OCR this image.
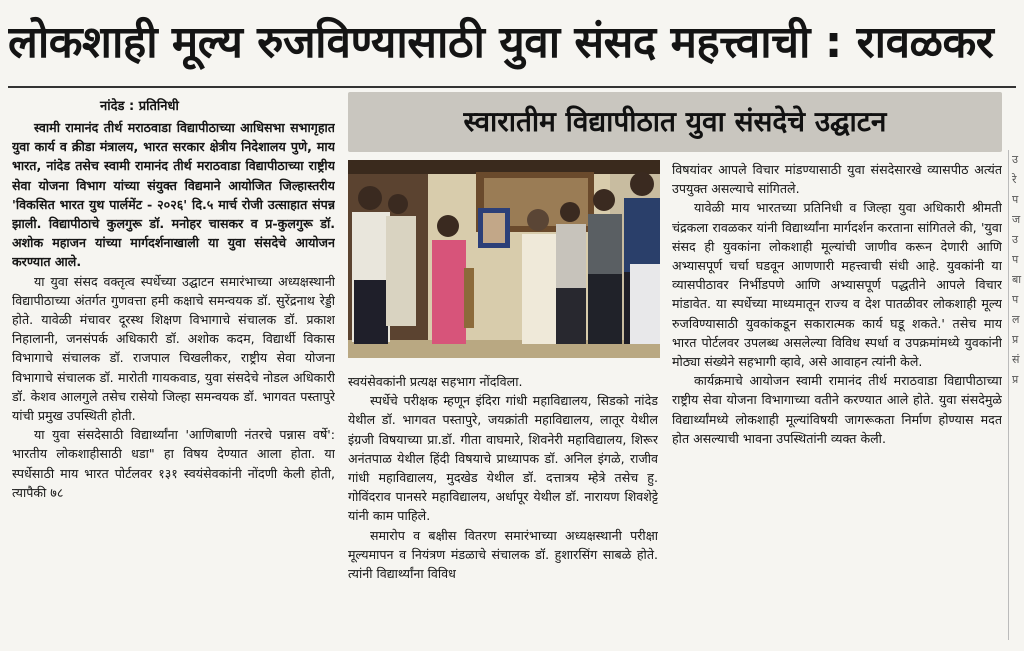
लोकशाही मूल्य रुजविण्यासाठी युवा संसद महत्त्वाची : रावळकर
नांदेड : प्रतिनिधी

स्वामी रामानंद तीर्थ मराठवाडा विद्यापीठाच्या आधिसभा सभागृहात युवा कार्य व क्रीडा मंत्रालय, भारत सरकार क्षेत्रीय निदेशालय पुणे, माय भारत, नांदेड तसेच स्वामी रामानंद तीर्थ मराठवाडा विद्यापीठाच्या राष्ट्रीय सेवा योजना विभाग यांच्या संयुक्त विद्यमाने आयोजित जिल्हास्तरीय 'विकसित भारत युथ पार्लमेंट - २०२६' दि.५ मार्च रोजी उत्साहात संपन्न झाली. विद्यापीठाचे कुलगुरू डॉ. मनोहर चासकर व प्र-कुलगुरू डॉ. अशोक महाजन यांच्या मार्गदर्शनाखाली या युवा संसदेचे आयोजन करण्यात आले.

या युवा संसद वक्तृत्व स्पर्धेच्या उद्घाटन समारंभाच्या अध्यक्षस्थानी विद्यापीठाच्या अंतर्गत गुणवत्ता हमी कक्षाचे समन्वयक डॉ. सुरेंद्रनाथ रेड्डी होते. यावेळी मंचावर दूरस्थ शिक्षण विभागाचे संचालक डॉ. प्रकाश निहालानी, जनसंपर्क अधिकारी डॉ. अशोक कदम, विद्यार्थी विकास विभागाचे संचालक डॉ. राजपाल चिखलीकर, राष्ट्रीय सेवा योजना विभागाचे संचालक डॉ. मारोती गायकवाड, युवा संसदेचे नोडल अधिकारी डॉ. केशव आलगुले तसेच रासेयो जिल्हा समन्वयक डॉ. भागवत पस्तापुरे यांची प्रमुख उपस्थिती होती.

या युवा संसदेसाठी विद्यार्थ्यांना 'आणिबाणी नंतरचे पन्नास वर्षे': भारतीय लोकशाहीसाठी धडा" हा विषय देण्यात आला होता. या स्पर्धेसाठी माय भारत पोर्टलवर १३१ स्वयंसेवकांनी नोंदणी केली होती, त्यापैकी ७८

स्वारातीम विद्यापीठात युवा संसदेचे उद्घाटन

स्वयंसेवकांनी प्रत्यक्ष सहभाग नोंदविला.

स्पर्धेचे परीक्षक म्हणून इंदिरा गांधी महाविद्यालय, सिडको नांदेड येथील डॉ. भागवत पस्तापुरे, जयक्रांती महाविद्यालय, लातूर येथील इंग्रजी विषयाच्या प्रा.डॉ. गीता वाघमारे, शिवनेरी महाविद्यालय, शिरूर अनंतपाळ येथील हिंदी विषयाचे प्राध्यापक डॉ. अनिल इंगळे, राजीव गांधी महाविद्यालय, मुदखेड येथील डॉ. दत्तात्रय म्हेत्रे तसेच हु. गोविंदराव पानसरे महाविद्यालय, अर्धापूर येथील डॉ. नारायण शिवशेट्टे यांनी काम पाहिले.

समारोप व बक्षीस वितरण समारंभाच्या अध्यक्षस्थानी परीक्षा मूल्यमापन व नियंत्रण मंडळाचे संचालक डॉ. हुशारसिंग साबळे होते. त्यांनी विद्यार्थ्यांना विविध

विषयांवर आपले विचार मांडण्यासाठी युवा संसदेसारखे व्यासपीठ अत्यंत उपयुक्त असल्याचे सांगितले.

यावेळी माय भारतच्या प्रतिनिधी व जिल्हा युवा अधिकारी श्रीमती चंद्रकला रावळकर यांनी विद्यार्थ्यांना मार्गदर्शन करताना सांगितले की, 'युवा संसद ही युवकांना लोकशाही मूल्यांची जाणीव करून देणारी आणि अभ्यासपूर्ण चर्चा घडवून आणणारी महत्त्वाची संधी आहे. युवकांनी या व्यासपीठावर निर्भीडपणे आणि अभ्यासपूर्ण पद्धतीने आपले विचार मांडावेत. या स्पर्धेच्या माध्यमातून राज्य व देश पातळीवर लोकशाही मूल्य रुजविण्यासाठी युवकांकडून सकारात्मक कार्य घडू शकते.' तसेच माय भारत पोर्टलवर उपलब्ध असलेल्या विविध स्पर्धा व उपक्रमांमध्ये युवकांनी मोठ्या संख्येने सहभागी व्हावे, असे आवाहन त्यांनी केले.

कार्यक्रमाचे आयोजन स्वामी रामानंद तीर्थ मराठवाडा विद्यापीठाच्या राष्ट्रीय सेवा योजना विभागाच्या वतीने करण्यात आले होते. युवा संसदेमुळे विद्यार्थ्यांमध्ये लोकशाही मूल्यांविषयी जागरूकता निर्माण होण्यास मदत होत असल्याची भावना उपस्थितांनी व्यक्त केली.

उ
रे
प
ज
उ
प
बा
प
ल
प्र
सं
प्र
